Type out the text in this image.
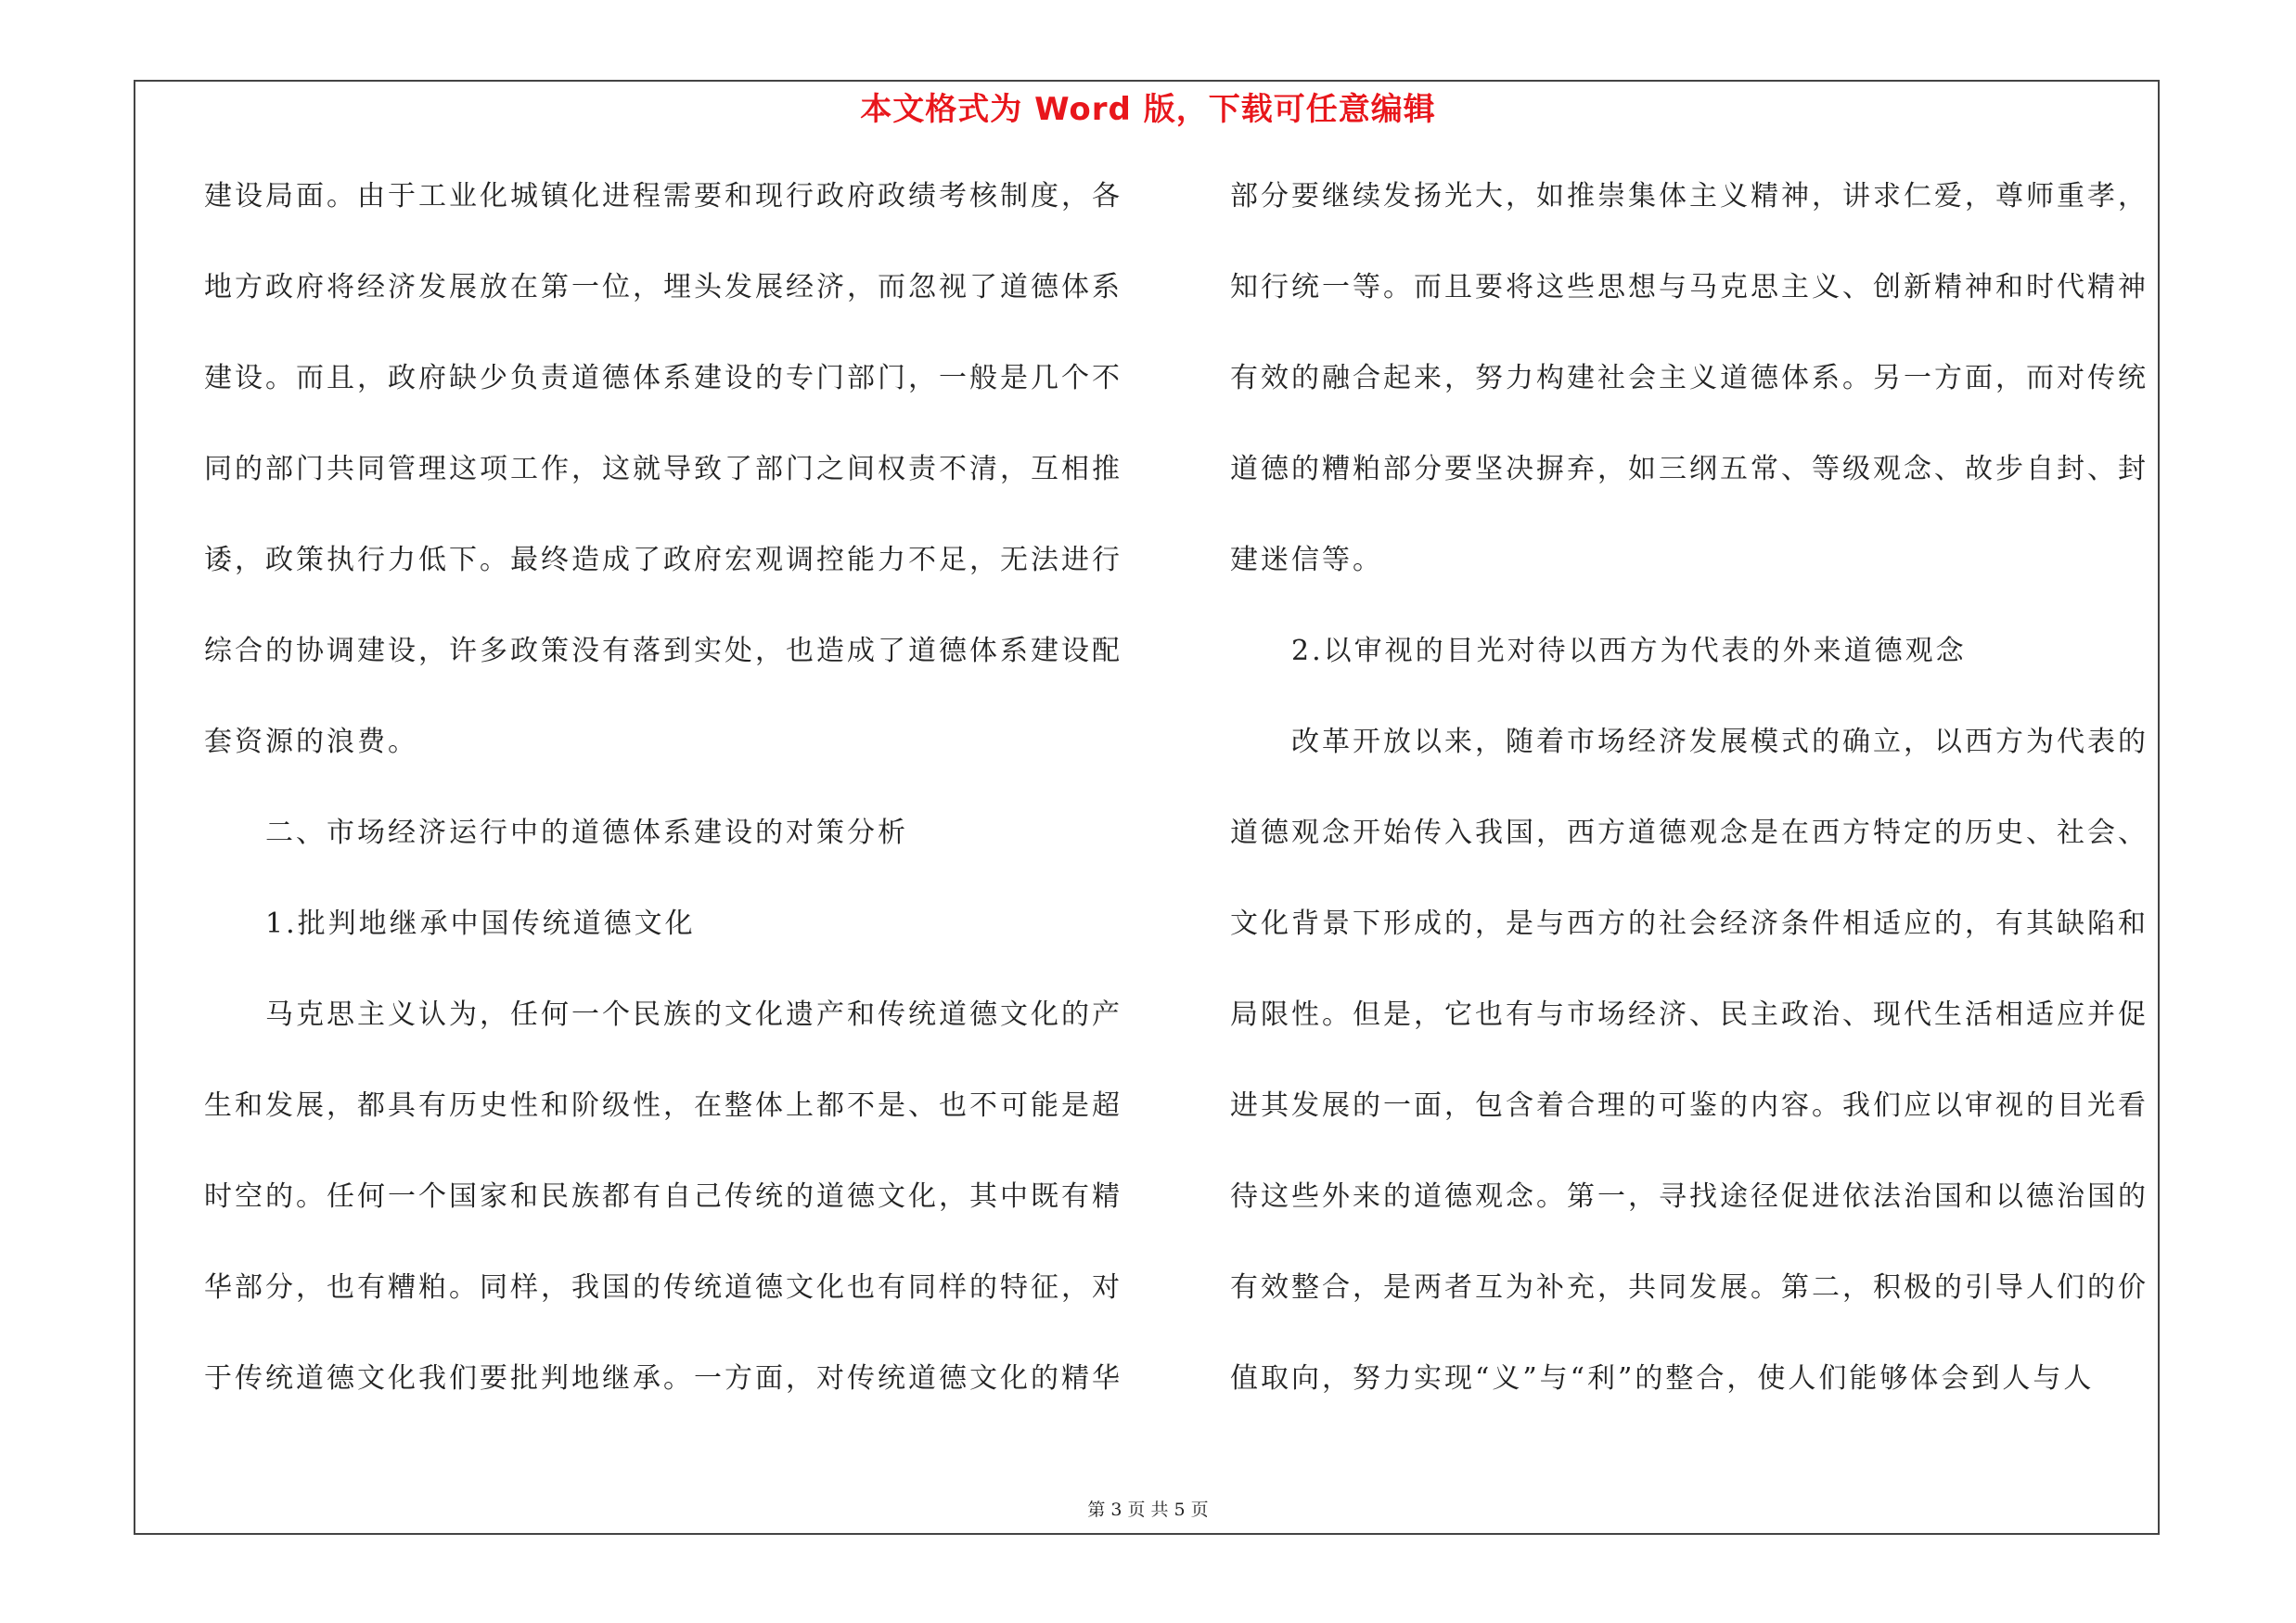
本文格式为 Word 版，下载可任意编辑
建设局面。由于工业化城镇化进程需要和现行政府政绩考核制度，各
地方政府将经济发展放在第一位，埋头发展经济，而忽视了道德体系
建设。而且，政府缺少负责道德体系建设的专门部门，一般是几个不
同的部门共同管理这项工作，这就导致了部门之间权责不清，互相推
诿，政策执行力低下。最终造成了政府宏观调控能力不足，无法进行
综合的协调建设，许多政策没有落到实处，也造成了道德体系建设配
套资源的浪费。
二、市场经济运行中的道德体系建设的对策分析
1.批判地继承中国传统道德文化
马克思主义认为，任何一个民族的文化遗产和传统道德文化的产
生和发展，都具有历史性和阶级性，在整体上都不是、也不可能是超
时空的。任何一个国家和民族都有自己传统的道德文化，其中既有精
华部分，也有糟粕。同样，我国的传统道德文化也有同样的特征，对
于传统道德文化我们要批判地继承。一方面，对传统道德文化的精华
部分要继续发扬光大，如推崇集体主义精神，讲求仁爱，尊师重孝，
知行统一等。而且要将这些思想与马克思主义、创新精神和时代精神
有效的融合起来，努力构建社会主义道德体系。另一方面，而对传统
道德的糟粕部分要坚决摒弃，如三纲五常、等级观念、故步自封、封
建迷信等。
2.以审视的目光对待以西方为代表的外来道德观念
改革开放以来，随着市场经济发展模式的确立，以西方为代表的
道德观念开始传入我国，西方道德观念是在西方特定的历史、社会、
文化背景下形成的，是与西方的社会经济条件相适应的，有其缺陷和
局限性。但是，它也有与市场经济、民主政治、现代生活相适应并促
进其发展的一面，包含着合理的可鉴的内容。我们应以审视的目光看
待这些外来的道德观念。第一，寻找途径促进依法治国和以德治国的
有效整合，是两者互为补充，共同发展。第二，积极的引导人们的价
值取向，努力实现“义”与“利”的整合，使人们能够体会到人与人
第 3 页 共 5 页
